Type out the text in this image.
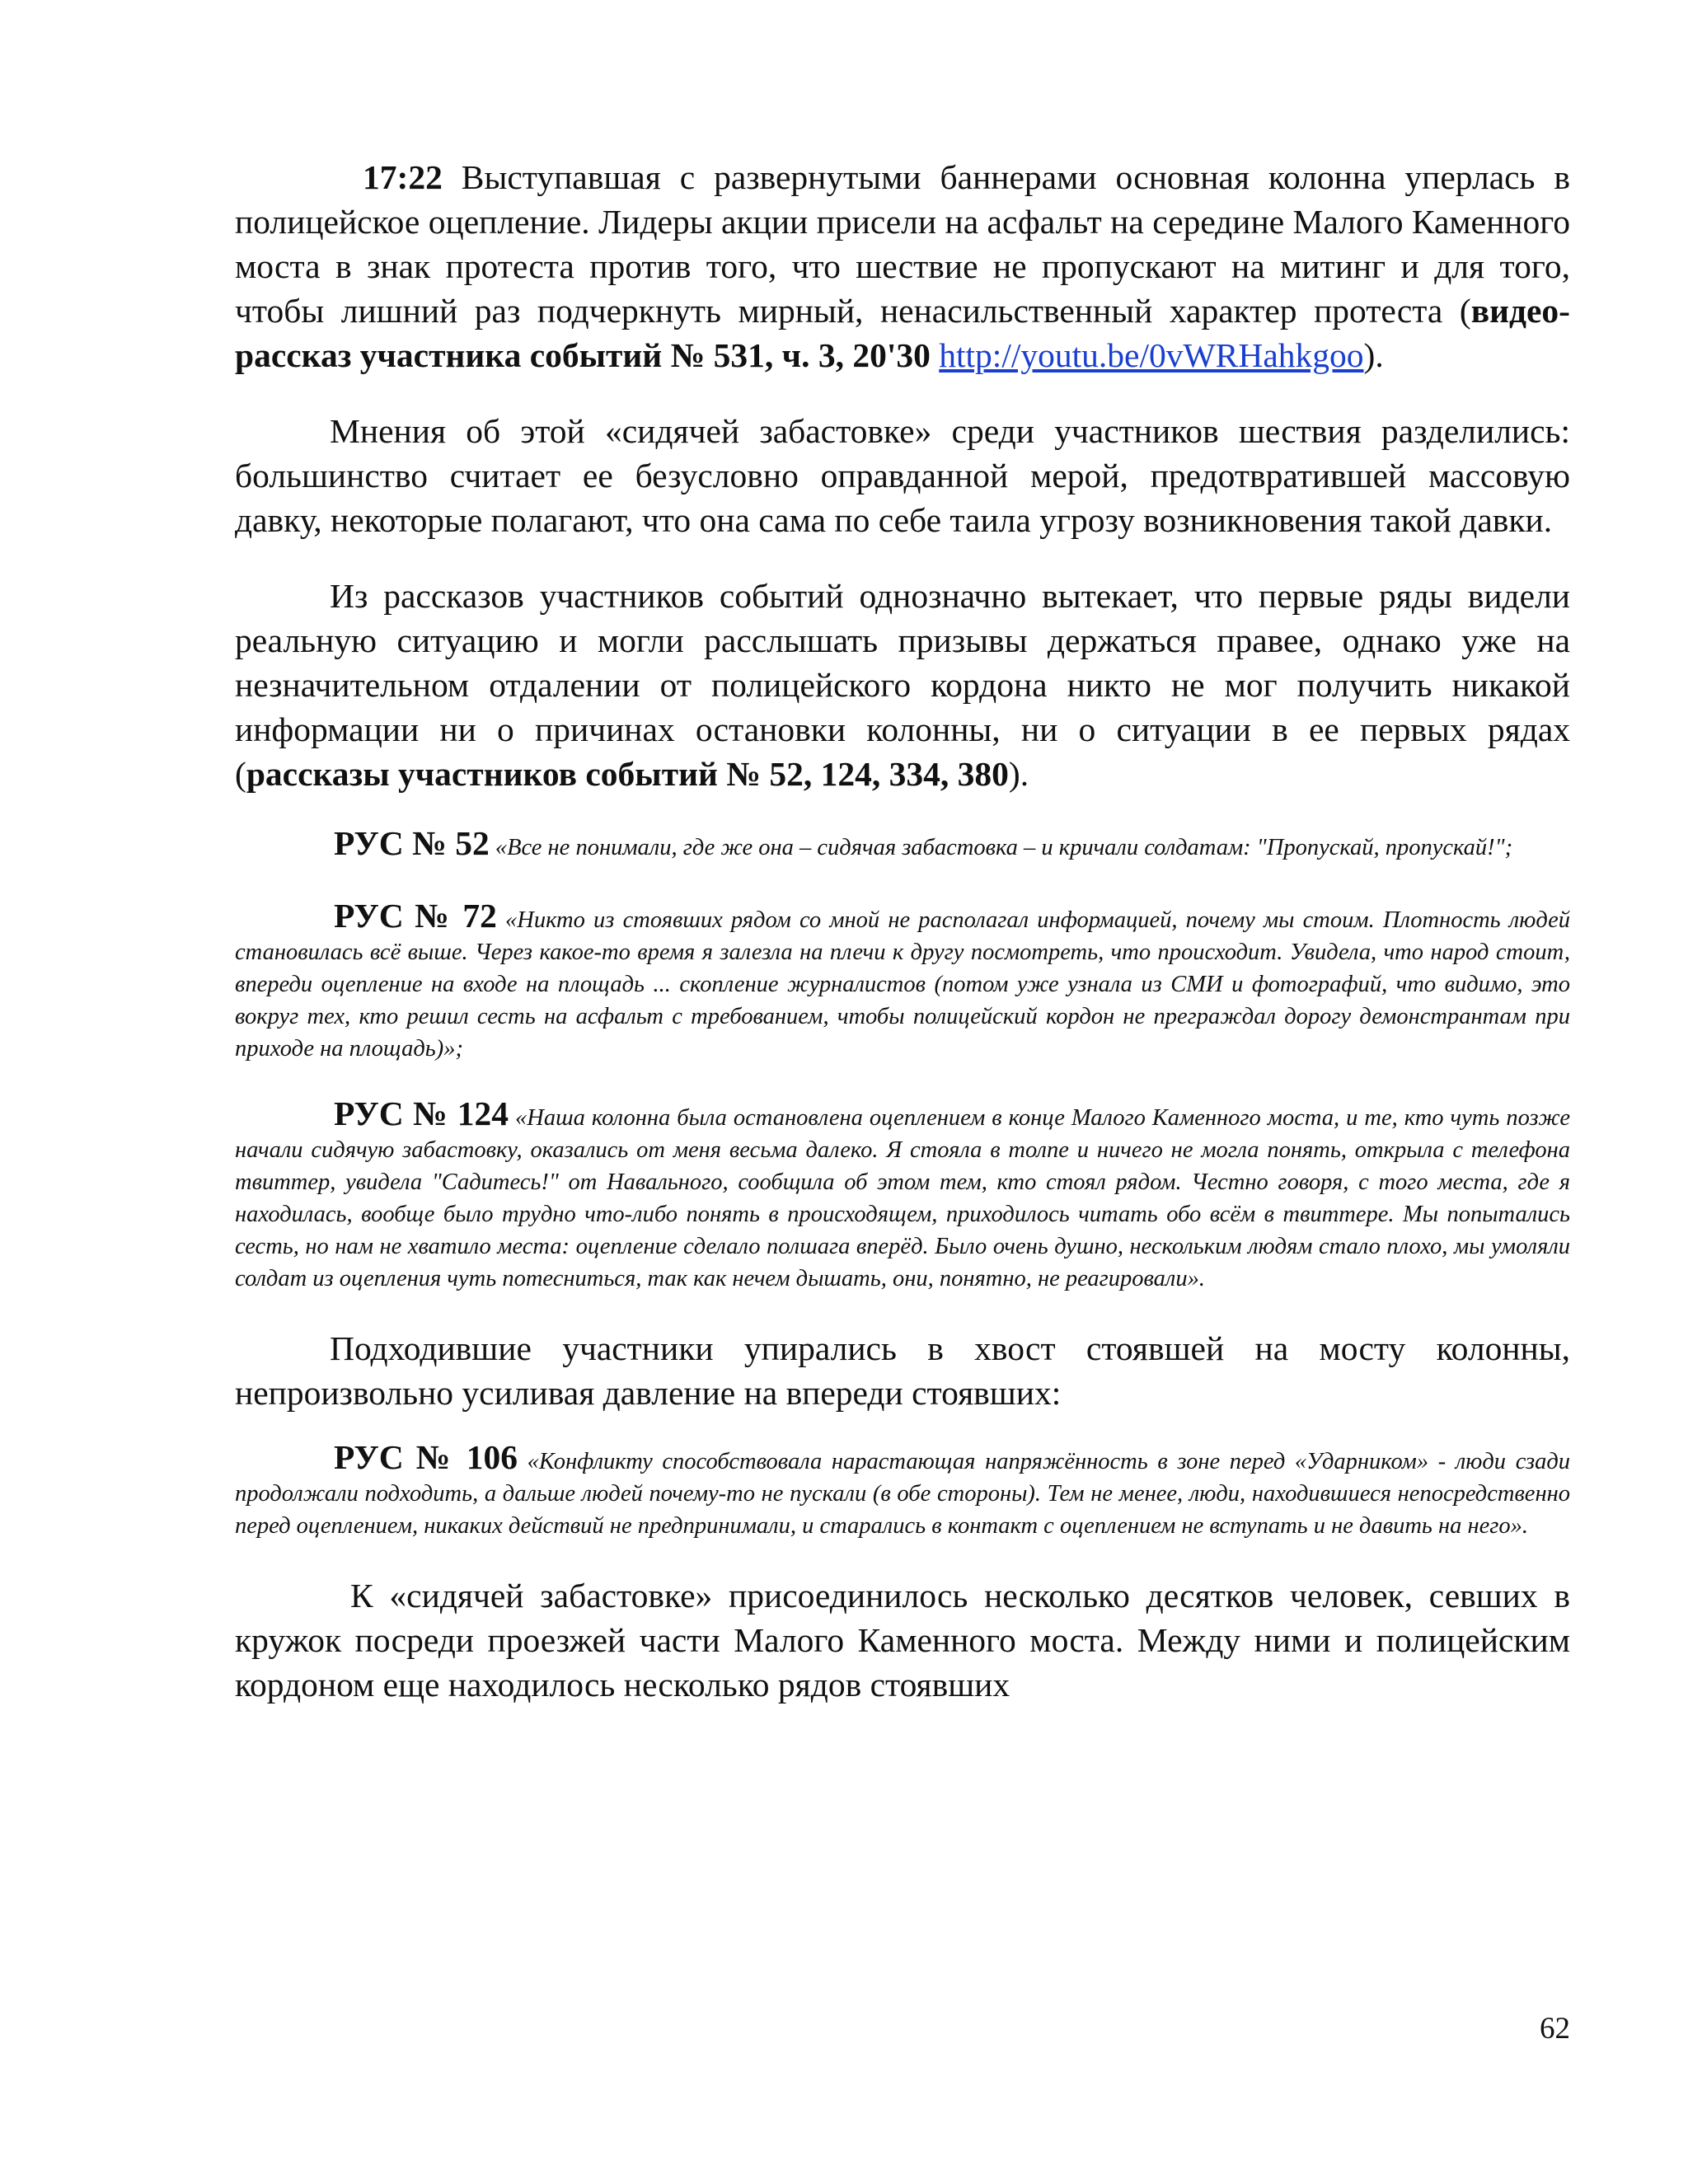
17:22 Выступавшая с развернутыми баннерами основная колонна уперлась в полицейское оцепление. Лидеры акции присели на асфальт на середине Малого Каменного моста в знак протеста против того, что шествие не пропускают на митинг и для того, чтобы лишний раз подчеркнуть мирный, ненасильственный характер протеста (видео-рассказ участника событий № 531, ч. 3, 20'30 http://youtu.be/0vWRHahkgoo).

Мнения об этой «сидячей забастовке» среди участников шествия разделились: большинство считает ее безусловно оправданной мерой, предотвратившей массовую давку, некоторые полагают, что она сама по себе таила угрозу возникновения такой давки.

Из рассказов участников событий однозначно вытекает, что первые ряды видели реальную ситуацию и могли расслышать призывы держаться правее, однако уже на незначительном отдалении от полицейского кордона никто не мог получить никакой информации ни о причинах остановки колонны, ни о ситуации в ее первых рядах (рассказы участников событий № 52, 124, 334, 380).

РУС № 52 «Все не понимали, где же она – сидячая забастовка – и кричали солдатам: "Пропускай, пропускай!";

РУС № 72 «Никто из стоявших рядом со мной не располагал информацией, почему мы стоим. Плотность людей становилась всё выше. Через какое-то время я залезла на плечи к другу посмотреть, что происходит. Увидела, что народ стоит, впереди оцепление на входе на площадь ... скопление журналистов (потом уже узнала из СМИ и фотографий, что видимо, это вокруг тех, кто решил сесть на асфальт с требованием, чтобы полицейский кордон не преграждал дорогу демонстрантам при приходе на площадь)»;

РУС № 124 «Наша колонна была остановлена оцеплением в конце Малого Каменного моста, и те, кто чуть позже начали сидячую забастовку, оказались от меня весьма далеко. Я стояла в толпе и ничего не могла понять, открыла с телефона твиттер, увидела "Садитесь!" от Навального, сообщила об этом тем, кто стоял рядом. Честно говоря, с того места, где я находилась, вообще было трудно что-либо понять в происходящем, приходилось читать обо всём в твиттере. Мы попытались сесть, но нам не хватило места: оцепление сделало полшага вперёд. Было очень душно, нескольким людям стало плохо, мы умоляли солдат из оцепления чуть потесниться, так как нечем дышать, они, понятно, не реагировали».

Подходившие участники упирались в хвост стоявшей на мосту колонны, непроизвольно усиливая давление на впереди стоявших:

РУС № 106 «Конфликту способствовала нарастающая напряжённость в зоне перед «Ударником» - люди сзади продолжали подходить, а дальше людей почему-то не пускали (в обе стороны). Тем не менее, люди, находившиеся непосредственно перед оцеплением, никаких действий не предпринимали, и старались в контакт с оцеплением не вступать и не давить на него».

К «сидячей забастовке» присоединилось несколько десятков человек, севших в кружок посреди проезжей части Малого Каменного моста. Между ними и полицейским кордоном еще находилось несколько рядов стоявших

62
